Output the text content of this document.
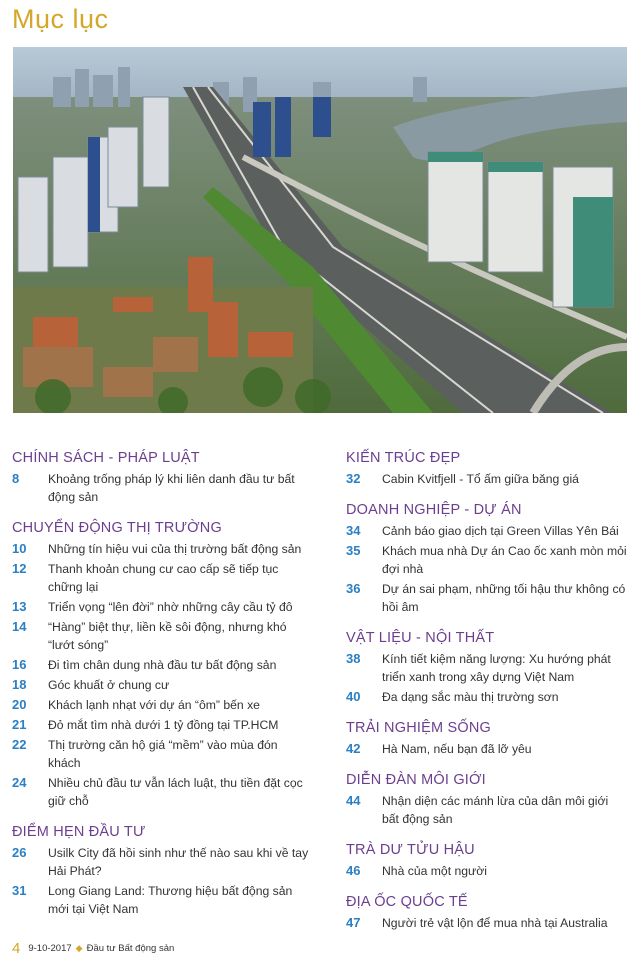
Mục lục
CHÍNH SÁCH - PHÁP LUẬT
8	Khoảng trống pháp lý khi liên danh đầu tư bất động sản
CHUYỂN ĐỘNG THỊ TRƯỜNG
10	Những tín hiệu vui của thị trường bất động sản
12	Thanh khoản chung cư cao cấp sẽ tiếp tục chững lại
13	Triển vọng “lên đời” nhờ những cây cầu tỷ đô
14	“Hàng” biệt thự, liền kề sôi động, nhưng khó “lướt sóng”
16	Đi tìm chân dung nhà đầu tư bất động sản
18	Góc khuất ở chung cư
20	Khách lạnh nhạt với dự án “ôm” bến xe
21	Đỏ mắt tìm nhà dưới 1 tỷ đồng tại TP.HCM
22	Thị trường căn hộ giá “mềm” vào mùa đón khách
24	Nhiều chủ đầu tư vẫn lách luật, thu tiền đặt cọc giữ chỗ
ĐIỂM HẸN ĐẦU TƯ
26	Usilk City đã hồi sinh như thế nào sau khi về tay Hải Phát?
31	Long Giang Land: Thương hiệu bất động sản mới tại Việt Nam
KIẾN TRÚC ĐẸP
32	Cabin Kvitfjell - Tổ ấm giữa băng giá
DOANH NGHIỆP - DỰ ÁN
34	Cảnh báo giao dịch tại Green Villas Yên Bái
35	Khách mua nhà Dự án Cao ốc xanh mòn mỏi đợi nhà
36	Dự án sai phạm, những tối hậu thư không có hồi âm
VẬT LIỆU - NỘI THẤT
38	Kính tiết kiệm năng lượng: Xu hướng phát triển xanh trong xây dựng Việt Nam
40	Đa dạng sắc màu thị trường sơn
TRẢI NGHIỆM SỐNG
42	Hà Nam, nếu bạn đã lỡ yêu
DIỄN ĐÀN MÔI GIỚI
44	Nhận diện các mánh lừa của dân môi giới bất động sản
TRÀ DƯ TỬU HẬU
46	Nhà của một người
ĐỊA ỐC QUỐC TẾ
47	Người trẻ vật lộn để mua nhà tại Australia
4 9-10-2017 ◆ Đầu tư Bất động sản
